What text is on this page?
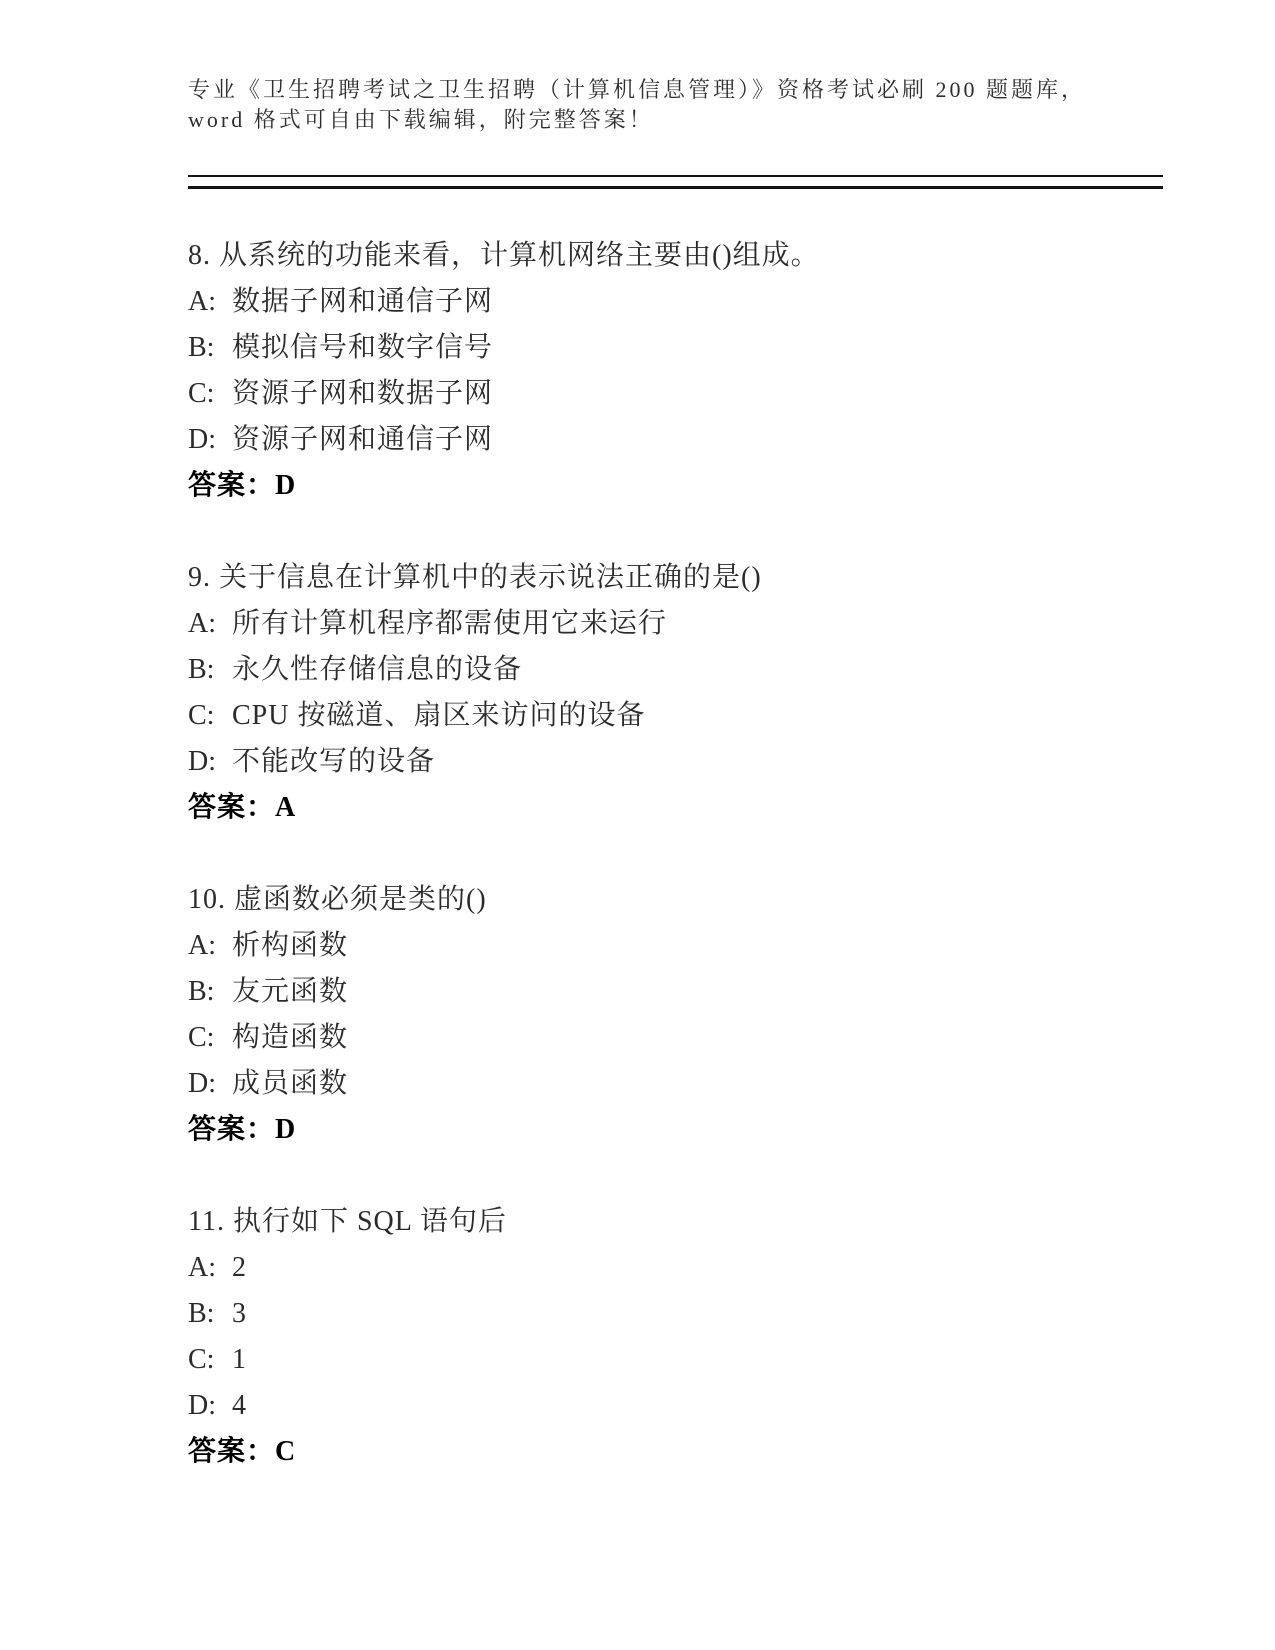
专业《卫生招聘考试之卫生招聘（计算机信息管理）》资格考试必刷 200 题题库，
word 格式可自由下载编辑，附完整答案！
8. 从系统的功能来看，计算机网络主要由()组成。
A: 数据子网和通信子网
B: 模拟信号和数字信号
C: 资源子网和数据子网
D: 资源子网和通信子网
答案：D
9. 关于信息在计算机中的表示说法正确的是()
A: 所有计算机程序都需使用它来运行
B: 永久性存储信息的设备
C: CPU 按磁道、扇区来访问的设备
D: 不能改写的设备
答案：A
10. 虚函数必须是类的()
A: 析构函数
B: 友元函数
C: 构造函数
D: 成员函数
答案：D
11. 执行如下 SQL 语句后
A: 2
B: 3
C: 1
D: 4
答案：C
